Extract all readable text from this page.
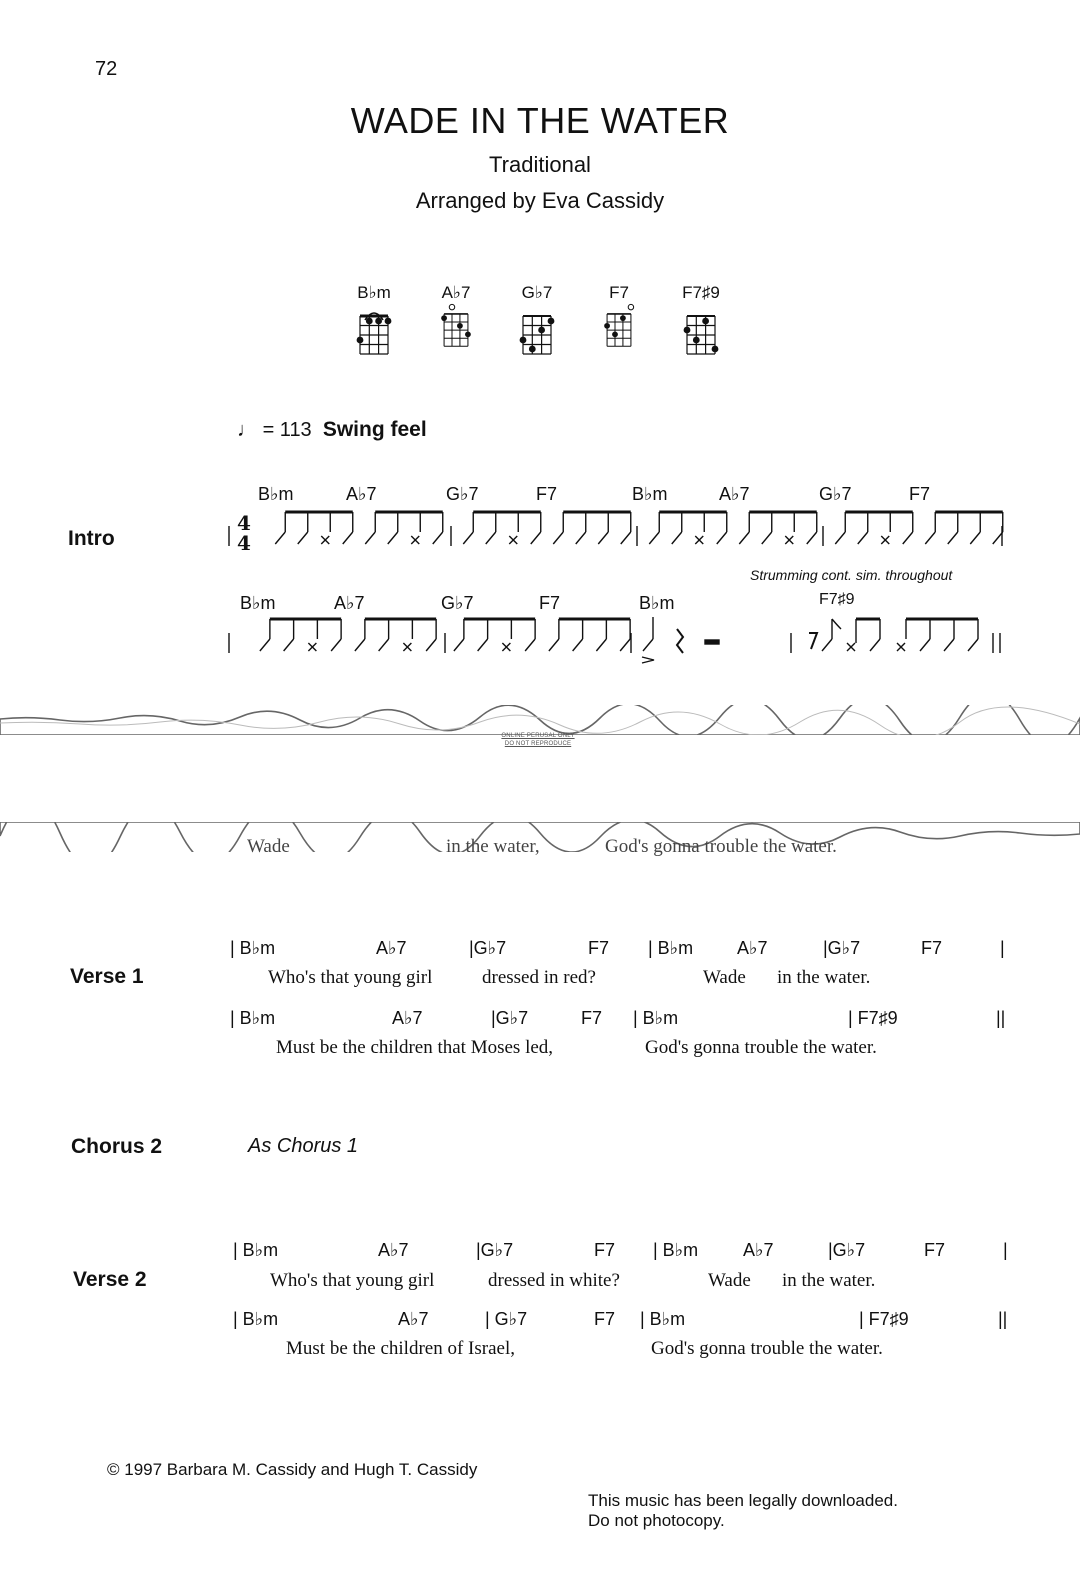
72
WADE IN THE WATER
Traditional
Arranged by Eva Cassidy
B♭m	A♭7	G♭7	F7	F7♯9
♩ = 113 Swing feel
Intro
B♭m	A♭7	G♭7	F7	B♭m	A♭7	G♭7	F7
4
4
B♭m	A♭7	G♭7	F7	B♭m	F7♯9
Strumming cont. sim. throughout
ONLINE PERUSAL ONLY
DO NOT REPRODUCE
Wade	in the water,	God's gonna trouble the water.
Verse 1
| B♭m	A♭7	|G♭7	F7 | B♭m A♭7	|G♭7	F7	|
Who's that young girl	dressed in red?	Wade in the water.
| B♭m	A♭7	|G♭7	F7 | B♭m	| F7♯9	||
Must be the children that Moses led,	God's gonna trouble the water.
Chorus 2	As Chorus 1
Verse 2
| B♭m	A♭7	|G♭7	F7 | B♭m A♭7	|G♭7	F7	|
Who's that young girl	dressed in white?	Wade in the water.
| B♭m	A♭7	| G♭7	F7 | B♭m	| F7♯9	||
Must be the children of Israel,	God's gonna trouble the water.
© 1997 Barbara M. Cassidy and Hugh T. Cassidy
This music has been legally downloaded.
Do not photocopy.
